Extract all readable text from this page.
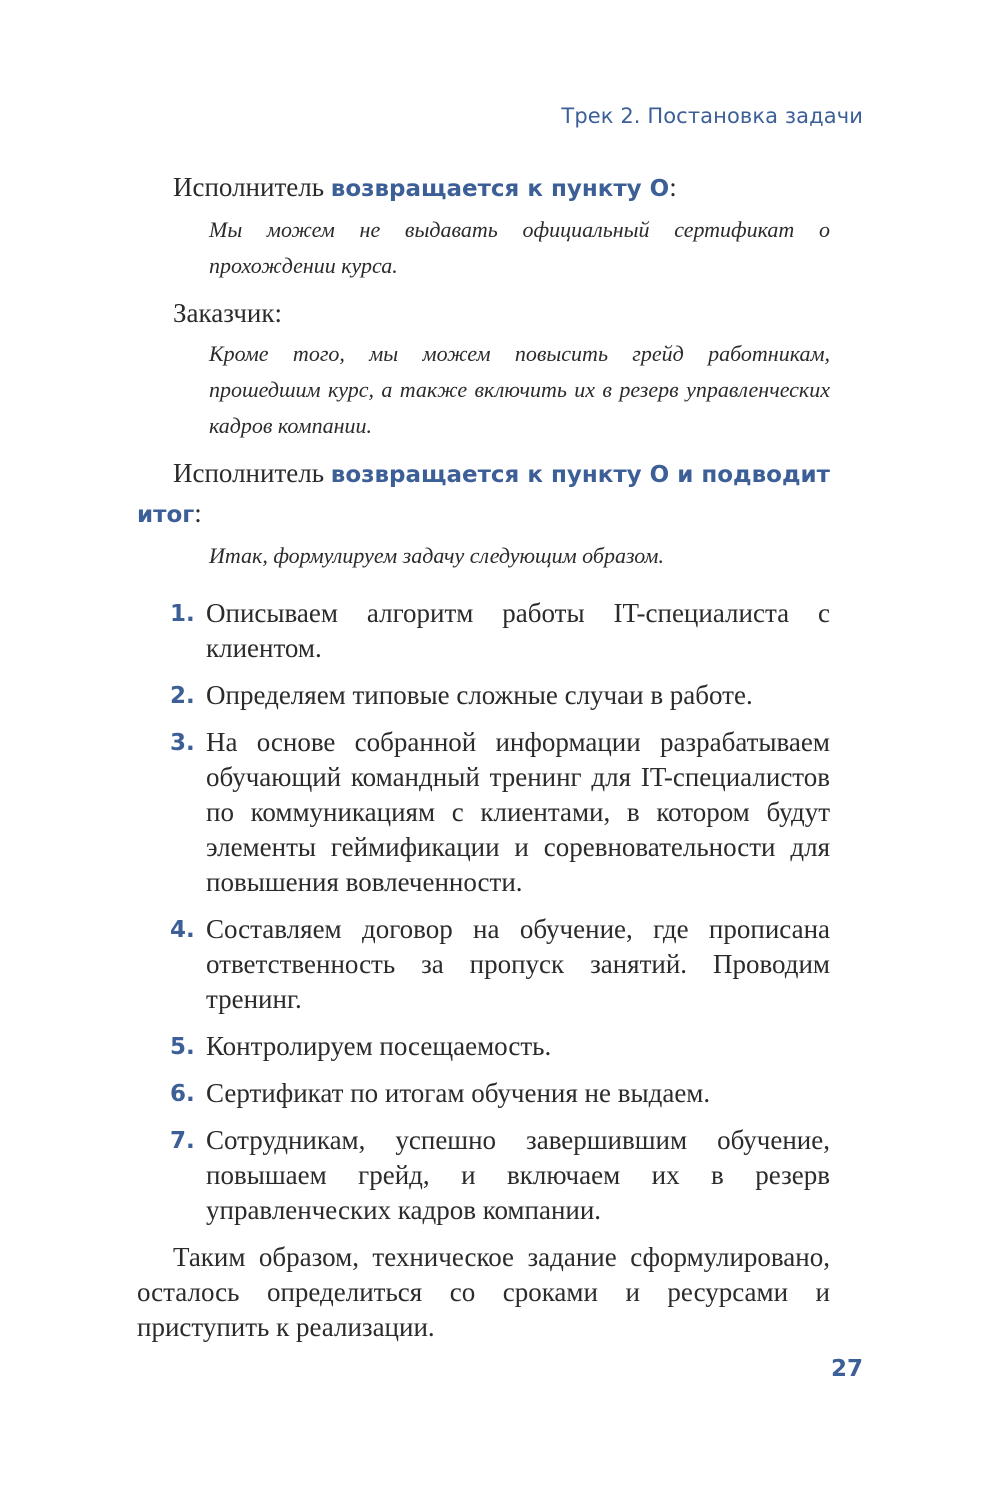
Трек 2. Постановка задачи

Исполнитель возвращается к пункту О:

Мы можем не выдавать официальный сертификат о прохождении курса.

Заказчик:

Кроме того, мы можем повысить грейд работникам, прошедшим курс, а также включить их в резерв управленческих кадров компании.

Исполнитель возвращается к пункту О и подводит итог:

Итак, формулируем задачу следующим образом.

1. Описываем алгоритм работы IT-специалиста с клиентом.
2. Определяем типовые сложные случаи в работе.
3. На основе собранной информации разрабатываем обучающий командный тренинг для IT-специалистов по коммуникациям с клиентами, в котором будут элементы геймификации и соревновательности для повышения вовлеченности.
4. Составляем договор на обучение, где прописана ответственность за пропуск занятий. Проводим тренинг.
5. Контролируем посещаемость.
6. Сертификат по итогам обучения не выдаем.
7. Сотрудникам, успешно завершившим обучение, повышаем грейд, и включаем их в резерв управленческих кадров компании.

Таким образом, техническое задание сформулировано, осталось определиться со сроками и ресурсами и приступить к реализации.

27
